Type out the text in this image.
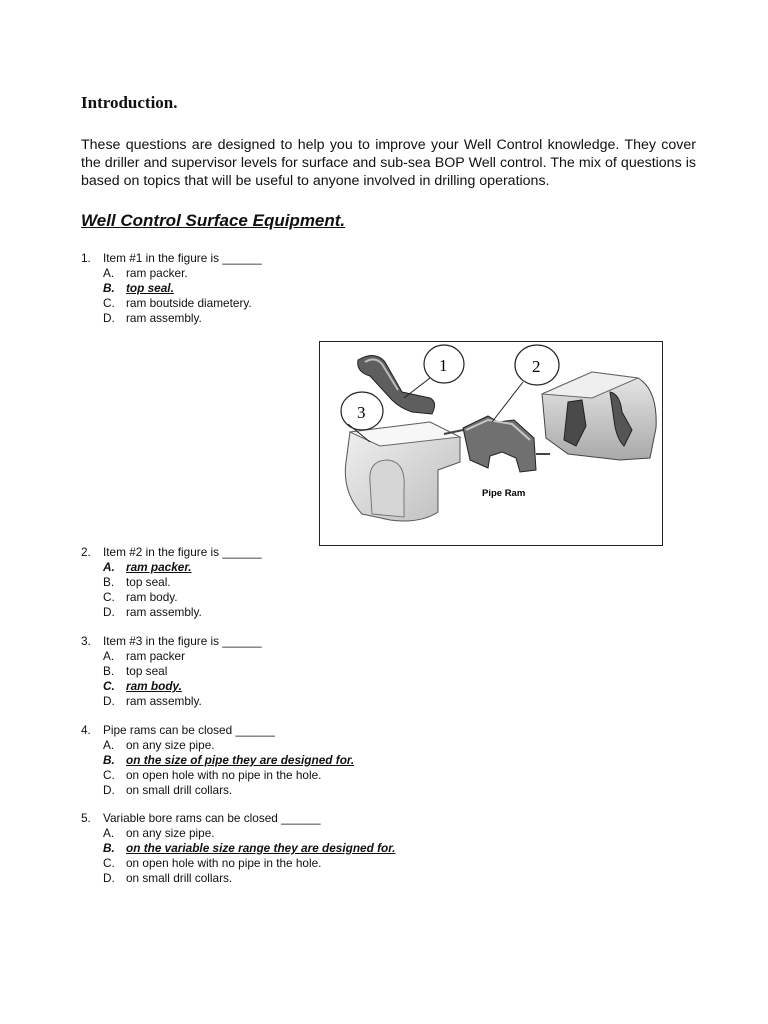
Introduction.

These questions are designed to help you to improve your Well Control knowledge. They cover the driller and supervisor levels for surface and sub-sea BOP Well control. The mix of questions is based on topics that will be useful to anyone involved in drilling operations.

Well Control Surface Equipment.
1.	Item #1 in the figure is ______
A.	ram packer.
B. top seal.
C. ram boutside diametery.
D. ram assembly.
1	2
3
Pipe Ram
2.	Item #2 in the figure is ______
A. ram packer.
B.	top seal.
C. ram body.
D. ram assembly.
3.	Item #3 in the figure is ______
A.	ram packer
B.	top seal
C. ram body.
D. ram assembly.
4.	Pipe rams can be closed ______
A.	on any size pipe.
B. on the size of pipe they are designed for.
C. on open hole with no pipe in the hole.
D. on small drill collars.
5.	Variable bore rams can be closed ______
A.	on any size pipe.
B. on the variable size range they are designed for.
C. on open hole with no pipe in the hole.
D. on small drill collars.
